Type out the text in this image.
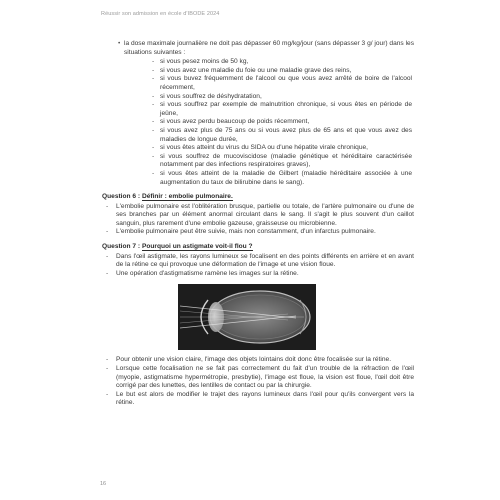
Réussir son admission en école d'IBODE 2024
• la dose maximale journalière ne doit pas dépasser 60 mg/kg/jour (sans dépasser 3 g/ jour) dans les situations suivantes :
- si vous pesez moins de 50 kg,
- si vous avez une maladie du foie ou une maladie grave des reins,
- si vous buvez fréquemment de l'alcool ou que vous avez arrêté de boire de l'alcool récemment,
- si vous souffrez de déshydratation,
- si vous souffrez par exemple de malnutrition chronique, si vous êtes en période de jeûne,
- si vous avez perdu beaucoup de poids récemment,
- si vous avez plus de 75 ans ou si vous avez plus de 65 ans et que vous avez des maladies de longue durée,
- si vous êtes atteint du virus du SIDA ou d'une hépatite virale chronique,
- si vous souffrez de mucoviscidose (maladie génétique et héréditaire caractérisée notamment par des infections respiratoires graves),
- si vous êtes atteint de la maladie de Gilbert (maladie héréditaire associée à une augmentation du taux de bilirubine dans le sang).
Question 6 : Définir : embolie pulmonaire.
- L'embolie pulmonaire est l'oblitération brusque, partielle ou totale, de l'artère pulmonaire ou d'une de ses branches par un élément anormal circulant dans le sang. Il s'agit le plus souvent d'un caillot sanguin, plus rarement d'une embolie gazeuse, graisseuse ou microbienne.
- L'embolie pulmonaire peut être suivie, mais non constamment, d'un infarctus pulmonaire.
Question 7 : Pourquoi un astigmate voit-il flou ?
- Dans l'œil astigmate, les rayons lumineux se focalisent en des points différents en arrière et en avant de la rétine ce qui provoque une déformation de l'image et une vision floue.
- Une opération d'astigmatisme ramène les images sur la rétine.
- Pour obtenir une vision claire, l'image des objets lointains doit donc être focalisée sur la rétine.
- Lorsque cette focalisation ne se fait pas correctement du fait d'un trouble de la réfraction de l'œil (myopie, astigmatisme hypermétropie, presbytie), l'image est floue, la vision est floue, l'œil doit être corrigé par des lunettes, des lentilles de contact ou par la chirurgie.
- Le but est alors de modifier le trajet des rayons lumineux dans l'œil pour qu'ils convergent vers la rétine.
16
